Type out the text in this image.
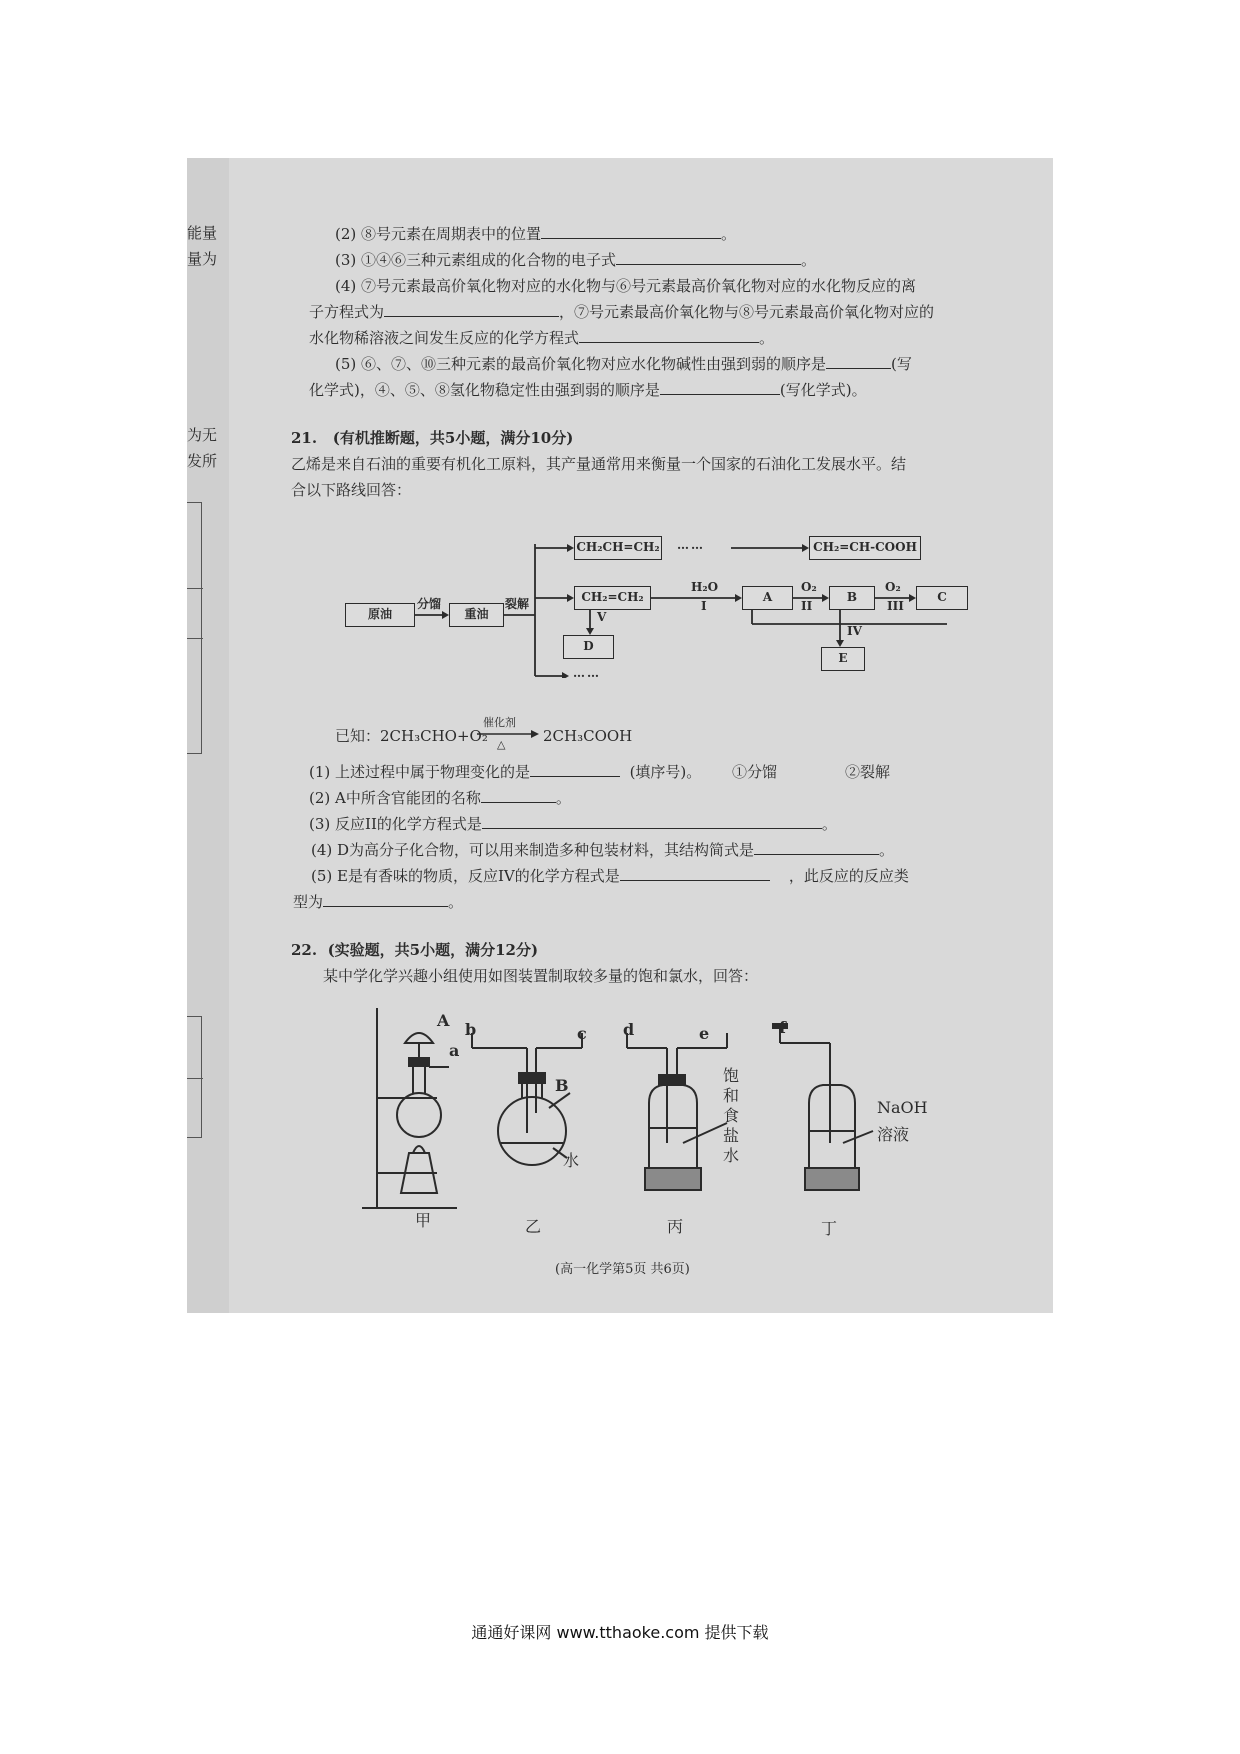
能量
量为
为无
发所
(2) ⑧号元素在周期表中的位置	。
(3) ①④⑥三种元素组成的化合物的电子式	。
(4) ⑦号元素最高价氧化物对应的水化物与⑥号元素最高价氧化物对应的水化物反应的离
子方程式为	，⑦号元素最高价氧化物与⑧号元素最高价氧化物对应的
水化物稀溶液之间发生反应的化学方程式	。
(5) ⑥、⑦、⑩三种元素的最高价氧化物对应水化物碱性由强到弱的顺序是	(写
化学式)，④、⑤、⑧氢化物稳定性由强到弱的顺序是	(写化学式)。
21. (有机推断题，共5小题，满分10分)
乙烯是来自石油的重要有机化工原料，其产量通常用来衡量一个国家的石油化工发展水平。结
合以下路线回答：
原油
分馏
重油
裂解
CH₂CH=CH₂ ……	CH₂=CH-COOH
CH₂=CH₂
H₂O
I
A
O₂
II
B
O₂
III
C
V
D
IV
E
……
已知：2CH₃CHO+O₂
催化剂
△	2CH₃COOH
(1) 上述过程中属于物理变化的是	(填序号)。 ①分馏	②裂解
(2) A中所含官能团的名称	。
(3) 反应II的化学方程式是	。
(4) D为高分子化合物，可以用来制造多种包装材料，其结构简式是	。
(5) E是有香味的物质，反应IV的化学方程式是	，此反应的反应类
型为	。
22. (实验题，共5小题，满分12分)
某中学化学兴趣小组使用如图装置制取较多量的饱和氯水，回答：
A
a
b	c
B
水
d	e
饱和食盐水
f
NaOH
溶液
甲	乙	丙	丁
(高一化学第5页 共6页)
通通好课网 www.tthaoke.com 提供下载
